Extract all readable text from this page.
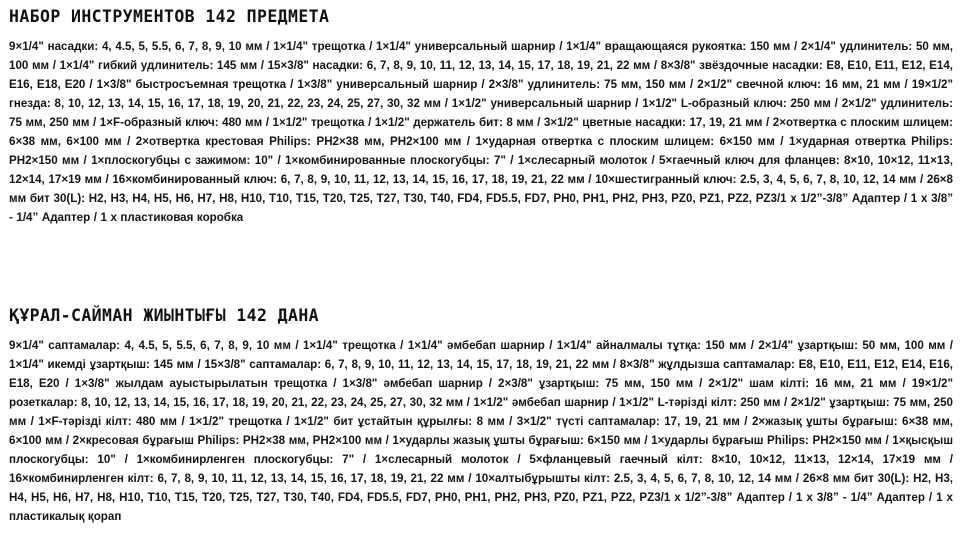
НАБОР ИНСТРУМЕНТОВ 142 ПРЕДМЕТА

9×1/4" насадки: 4, 4.5, 5, 5.5, 6, 7, 8, 9, 10 мм / 1×1/4" трещотка / 1×1/4" универсальный шарнир / 1×1/4" вращающаяся рукоятка: 150 мм / 2×1/4" удлинитель: 50 мм, 100 мм / 1×1/4" гибкий удлинитель: 145 мм / 15×3/8" насадки: 6, 7, 8, 9, 10, 11, 12, 13, 14, 15, 17, 18, 19, 21, 22 мм / 8×3/8" звёздочные насадки: E8, E10, E11, E12, E14, E16, E18, E20 / 1×3/8" быстросъемная трещотка / 1×3/8" универсальный шарнир / 2×3/8" удлинитель: 75 мм, 150 мм / 2×1/2" свечной ключ: 16 мм, 21 мм / 19×1/2" гнезда: 8, 10, 12, 13, 14, 15, 16, 17, 18, 19, 20, 21, 22, 23, 24, 25, 27, 30, 32 мм / 1×1/2" универсальный шарнир / 1×1/2" L-образный ключ: 250 мм / 2×1/2" удлинитель: 75 мм, 250 мм / 1×F-образный ключ: 480 мм / 1×1/2" трещотка / 1×1/2" держатель бит: 8 мм / 3×1/2" цветные насадки: 17, 19, 21 мм / 2×отвертка с плоским шлицем: 6×38 мм, 6×100 мм / 2×отвертка крестовая Philips: PH2×38 мм, PH2×100 мм / 1×ударная отвертка с плоским шлицем: 6×150 мм / 1×ударная отвертка Philips: PH2×150 мм / 1×плоскогубцы с зажимом: 10" / 1×комбинированные плоскогубцы: 7" / 1×слесарный молоток / 5×гаечный ключ для фланцев: 8×10, 10×12, 11×13, 12×14, 17×19 мм / 16×комбинированный ключ: 6, 7, 8, 9, 10, 11, 12, 13, 14, 15, 16, 17, 18, 19, 21, 22 мм / 10×шестигранный ключ: 2.5, 3, 4, 5, 6, 7, 8, 10, 12, 14 мм / 26×8 мм бит 30(L): H2, H3, H4, H5, H6, H7, H8, H10, T10, T15, T20, T25, T27, T30, T40, FD4, FD5.5, FD7, PH0, PH1, PH2, PH3, PZ0, PZ1, PZ2, PZ3/1 x 1/2”-3/8” Адаптер / 1 x 3/8” - 1/4” Адаптер / 1 x пластиковая коробка

ҚҰРАЛ-САЙМАН ЖИЫНТЫҒЫ 142 ДАНА

9×1/4" саптамалар: 4, 4.5, 5, 5.5, 6, 7, 8, 9, 10 мм / 1×1/4" трещотка / 1×1/4" әмбебап шарнир / 1×1/4" айналмалы тұтқа: 150 мм / 2×1/4" ұзартқыш: 50 мм, 100 мм / 1×1/4" икемді ұзартқыш: 145 мм / 15×3/8" саптамалар: 6, 7, 8, 9, 10, 11, 12, 13, 14, 15, 17, 18, 19, 21, 22 мм / 8×3/8" жұлдызша саптамалар: E8, E10, E11, E12, E14, E16, E18, E20 / 1×3/8" жылдам ауыстырылатын трещотка / 1×3/8" әмбебап шарнир / 2×3/8" ұзартқыш: 75 мм, 150 мм / 2×1/2" шам кілті: 16 мм, 21 мм / 19×1/2" розеткалар: 8, 10, 12, 13, 14, 15, 16, 17, 18, 19, 20, 21, 22, 23, 24, 25, 27, 30, 32 мм / 1×1/2" әмбебап шарнир / 1×1/2" L-тәрізді кілт: 250 мм / 2×1/2" ұзартқыш: 75 мм, 250 мм / 1×F-тәрізді кілт: 480 мм / 1×1/2" трещотка / 1×1/2" бит ұстайтын құрылғы: 8 мм / 3×1/2" түсті саптамалар: 17, 19, 21 мм / 2×жазық ұшты бұрағыш: 6×38 мм, 6×100 мм / 2×кресовая бұрағыш Philips: PH2×38 мм, PH2×100 мм / 1×ударлы жазық ұшты бұрағыш: 6×150 мм / 1×ударлы бұрағыш Philips: PH2×150 мм / 1×қысқыш плоскогубцы: 10" / 1×комбинирленген плоскогубцы: 7" / 1×слесарный молоток / 5×фланцевый гаечный кілт: 8×10, 10×12, 11×13, 12×14, 17×19 мм / 16×комбинирленген кілт: 6, 7, 8, 9, 10, 11, 12, 13, 14, 15, 16, 17, 18, 19, 21, 22 мм / 10×алтыбұрышты кілт: 2.5, 3, 4, 5, 6, 7, 8, 10, 12, 14 мм / 26×8 мм бит 30(L): H2, H3, H4, H5, H6, H7, H8, H10, T10, T15, T20, T25, T27, T30, T40, FD4, FD5.5, FD7, PH0, PH1, PH2, PH3, PZ0, PZ1, PZ2, PZ3/1 x 1/2”-3/8” Адаптер / 1 x 3/8” - 1/4” Адаптер / 1 х пластикалық қорап
